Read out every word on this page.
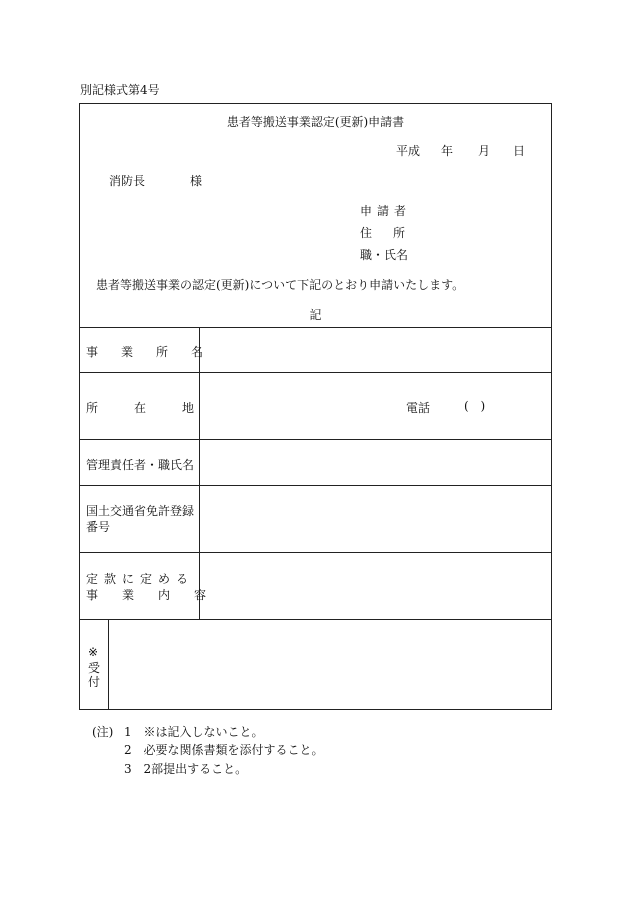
別記様式第4号
患者等搬送事業認定(更新)申請書
平成 年 月 日
消防長	様
申請者
住所
職・氏名
患者等搬送事業の認定(更新)について下記のとおり申請いたします。
記
事業所名
所在地	電話	( )
管理責任者・職氏名
国土交通省免許登録
番号
定款に定める
事業内容
※
受
付
(注) 1 ※は記入しないこと。
2 必要な関係書類を添付すること。
3 2部提出すること。
